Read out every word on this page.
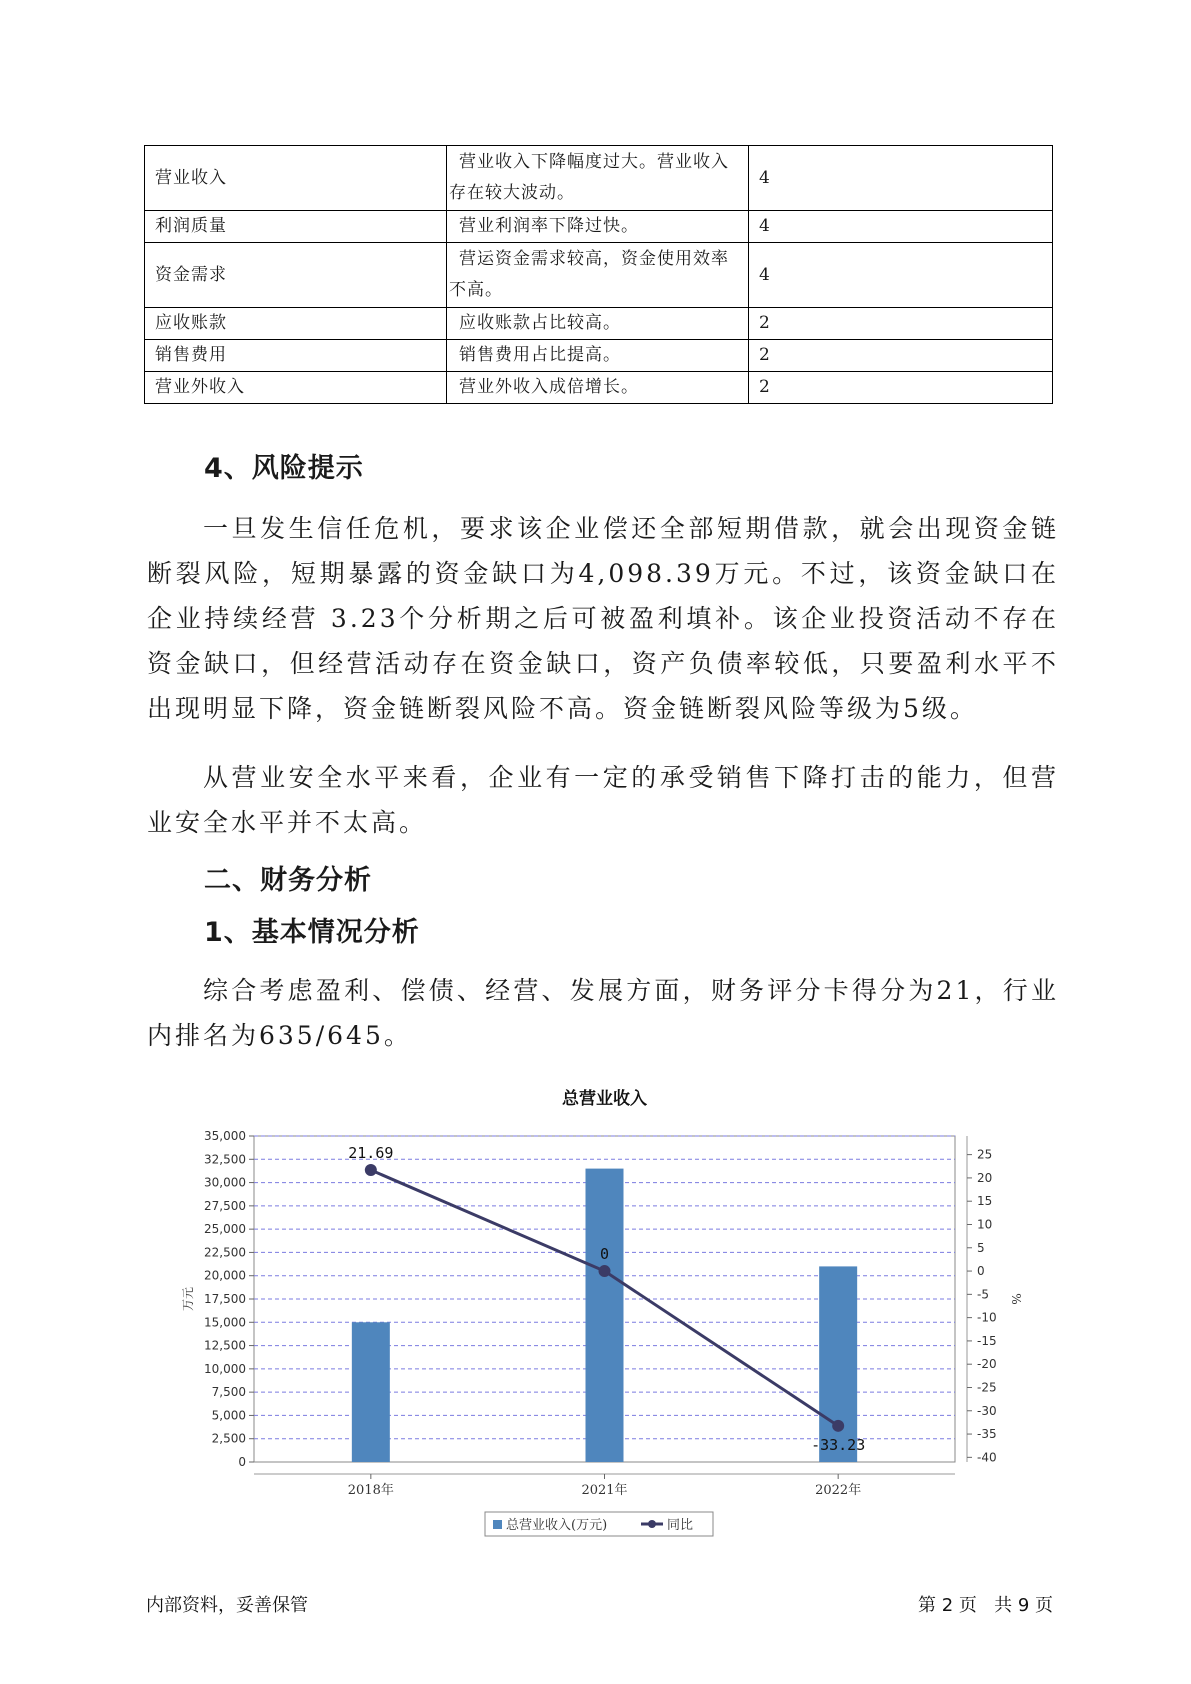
营业收入	营业收入下降幅度过大。营业收入存在较大波动。	4
利润质量	营业利润率下降过快。	4
资金需求	营运资金需求较高，资金使用效率不高。	4
应收账款	应收账款占比较高。	2
销售费用	销售费用占比提高。	2
营业外收入	营业外收入成倍增长。	2
4、风险提示

一旦发生信任危机，要求该企业偿还全部短期借款，就会出现资金链断裂风险，短期暴露的资金缺口为4,098.39万元。不过，该资金缺口在企业持续经营 3.23个分析期之后可被盈利填补。该企业投资活动不存在资金缺口，但经营活动存在资金缺口，资产负债率较低，只要盈利水平不出现明显下降，资金链断裂风险不高。资金链断裂风险等级为5级。

从营业安全水平来看，企业有一定的承受销售下降打击的能力，但营业安全水平并不太高。

二、财务分析
1、基本情况分析

综合考虑盈利、偿债、经营、发展方面，财务评分卡得分为21，行业内排名为635/645。

总营业收入
0
2,500
5,000
7,500
10,000
12,500
15,000
17,500
20,000
22,500
25,000
27,500
30,000
32,500
35,000
25
20
15
10
5
0
-5
-10
-15
-20
-25
-30
-35
-40
万元	%
2018年	2021年	2022年
21.69
0
-33.23
总营业收入(万元)	同比
内部资料，妥善保管	第 2 页   共 9 页
